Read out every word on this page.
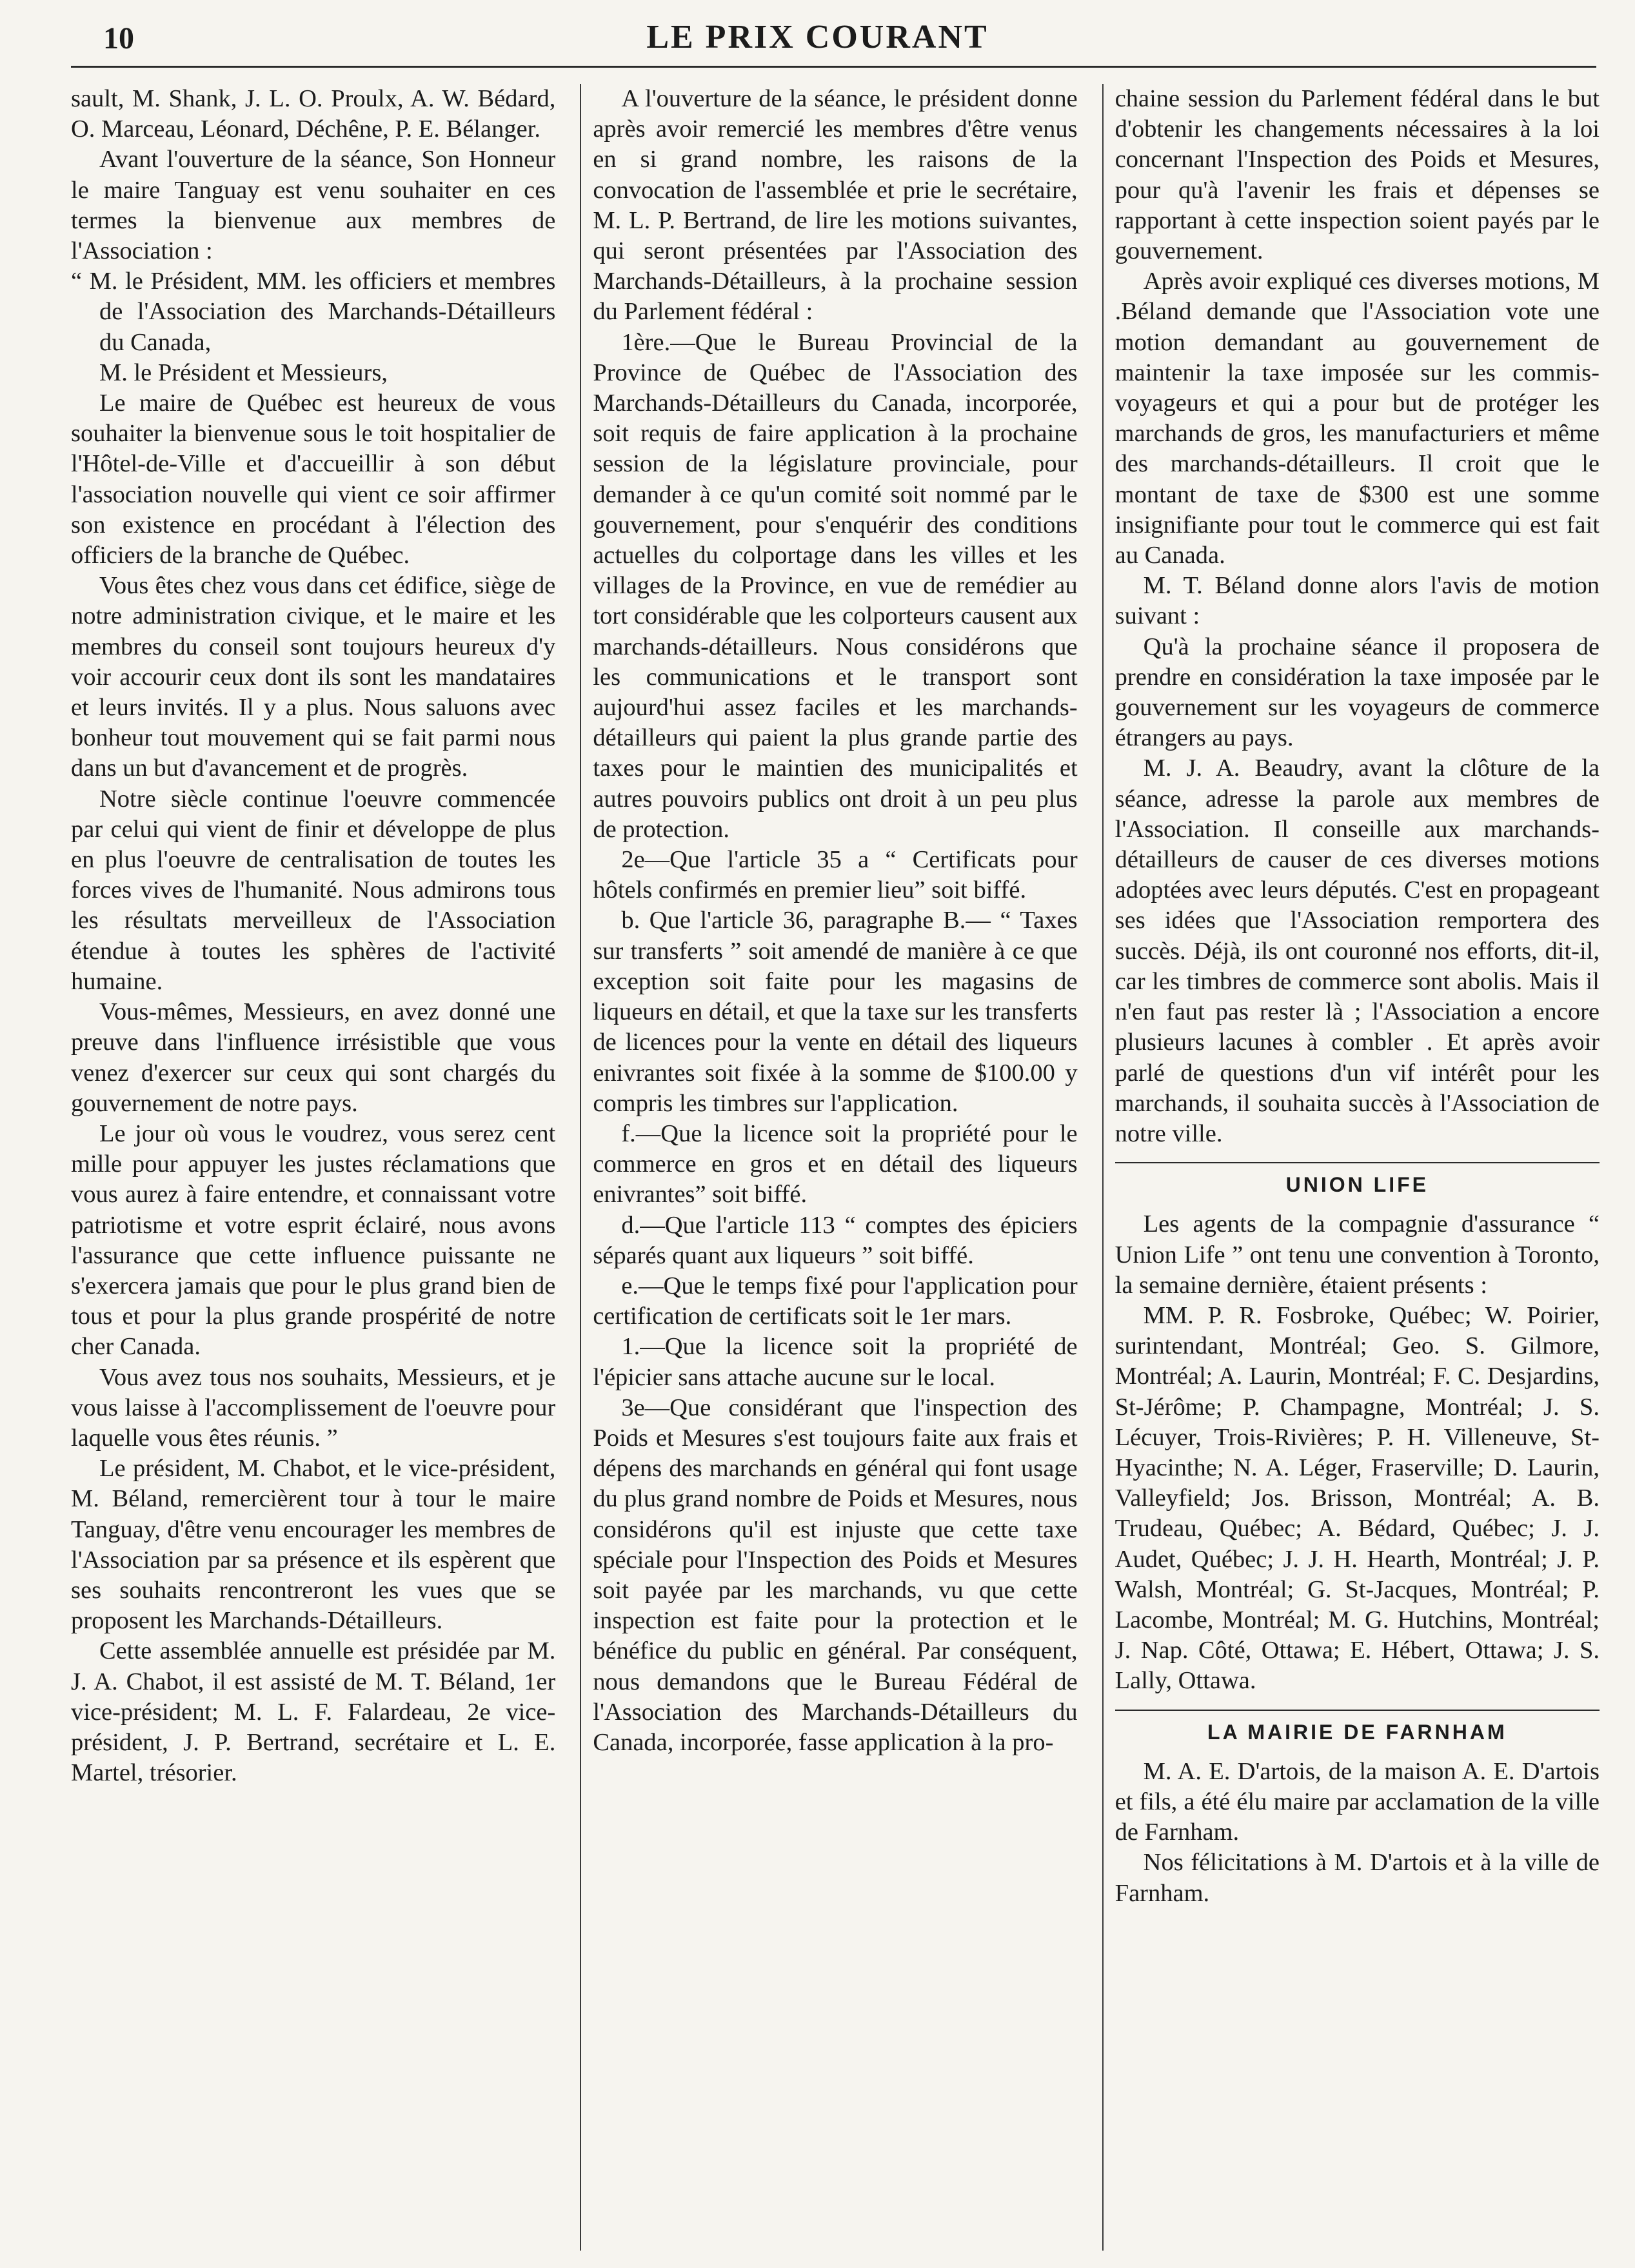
10	LE PRIX COURANT

sault, M. Shank, J. L. O. Proulx, A. W. Bédard, O. Marceau, Léonard, Déchêne, P. E. Bélanger.

Avant l'ouverture de la séance, Son Honneur le maire Tanguay est venu souhaiter en ces termes la bienvenue aux membres de l'Association :

“ M. le Président, MM. les officiers et membres de l'Association des Marchands-Détailleurs du Canada,

M. le Président et Messieurs,

Le maire de Québec est heureux de vous souhaiter la bienvenue sous le toit hospitalier de l'Hôtel-de-Ville et d'accueillir à son début l'association nouvelle qui vient ce soir affirmer son existence en procédant à l'élection des officiers de la branche de Québec.

Vous êtes chez vous dans cet édifice, siège de notre administration civique, et le maire et les membres du conseil sont toujours heureux d'y voir accourir ceux dont ils sont les mandataires et leurs invités. Il y a plus. Nous saluons avec bonheur tout mouvement qui se fait parmi nous dans un but d'avancement et de progrès.

Notre siècle continue l'oeuvre commencée par celui qui vient de finir et développe de plus en plus l'oeuvre de centralisation de toutes les forces vives de l'humanité. Nous admirons tous les résultats merveilleux de l'Association étendue à toutes les sphères de l'activité humaine.

Vous-mêmes, Messieurs, en avez donné une preuve dans l'influence irrésistible que vous venez d'exercer sur ceux qui sont chargés du gouvernement de notre pays.

Le jour où vous le voudrez, vous serez cent mille pour appuyer les justes réclamations que vous aurez à faire entendre, et connaissant votre patriotisme et votre esprit éclairé, nous avons l'assurance que cette influence puissante ne s'exercera jamais que pour le plus grand bien de tous et pour la plus grande prospérité de notre cher Canada.

Vous avez tous nos souhaits, Messieurs, et je vous laisse à l'accomplissement de l'oeuvre pour laquelle vous êtes réunis. ”

Le président, M. Chabot, et le vice-président, M. Béland, remercièrent tour à tour le maire Tanguay, d'être venu encourager les membres de l'Association par sa présence et ils espèrent que ses souhaits rencontreront les vues que se proposent les Marchands-Détailleurs.

Cette assemblée annuelle est présidée par M. J. A. Chabot, il est assisté de M. T. Béland, 1er vice-président; M. L. F. Falardeau, 2e vice-président, J. P. Bertrand, secrétaire et L. E. Martel, trésorier.

A l'ouverture de la séance, le président donne après avoir remercié les membres d'être venus en si grand nombre, les raisons de la convocation de l'assemblée et prie le secrétaire, M. L. P. Bertrand, de lire les motions suivantes, qui seront présentées par l'Association des Marchands-Détailleurs, à la prochaine session du Parlement fédéral :

1ère.—Que le Bureau Provincial de la Province de Québec de l'Association des Marchands-Détailleurs du Canada, incorporée, soit requis de faire application à la prochaine session de la législature provinciale, pour demander à ce qu'un comité soit nommé par le gouvernement, pour s'enquérir des conditions actuelles du colportage dans les villes et les villages de la Province, en vue de remédier au tort considérable que les colporteurs causent aux marchands-détailleurs. Nous considérons que les communications et le transport sont aujourd'hui assez faciles et les marchands-détailleurs qui paient la plus grande partie des taxes pour le maintien des municipalités et autres pouvoirs publics ont droit à un peu plus de protection.

2e—Que l'article 35 a “ Certificats pour hôtels confirmés en premier lieu” soit biffé.

b. Que l'article 36, paragraphe B.— “ Taxes sur transferts ” soit amendé de manière à ce que exception soit faite pour les magasins de liqueurs en détail, et que la taxe sur les transferts de licences pour la vente en détail des liqueurs enivrantes soit fixée à la somme de $100.00 y compris les timbres sur l'application.

f.—Que la licence soit la propriété pour le commerce en gros et en détail des liqueurs enivrantes” soit biffé.

d.—Que l'article 113 “ comptes des épiciers séparés quant aux liqueurs ” soit biffé.

e.—Que le temps fixé pour l'application pour certification de certificats soit le 1er mars.

1.—Que la licence soit la propriété de l'épicier sans attache aucune sur le local.

3e—Que considérant que l'inspection des Poids et Mesures s'est toujours faite aux frais et dépens des marchands en général qui font usage du plus grand nombre de Poids et Mesures, nous considérons qu'il est injuste que cette taxe spéciale pour l'Inspection des Poids et Mesures soit payée par les marchands, vu que cette inspection est faite pour la protection et le bénéfice du public en général. Par conséquent, nous demandons que le Bureau Fédéral de l'Association des Marchands-Détailleurs du Canada, incorporée, fasse application à la pro-

chaine session du Parlement fédéral dans le but d'obtenir les changements nécessaires à la loi concernant l'Inspection des Poids et Mesures, pour qu'à l'avenir les frais et dépenses se rapportant à cette inspection soient payés par le gouvernement.

Après avoir expliqué ces diverses motions, M .Béland demande que l'Association vote une motion demandant au gouvernement de maintenir la taxe imposée sur les commis-voyageurs et qui a pour but de protéger les marchands de gros, les manufacturiers et même des marchands-détailleurs. Il croit que le montant de taxe de $300 est une somme insignifiante pour tout le commerce qui est fait au Canada.

M. T. Béland donne alors l'avis de motion suivant :

Qu'à la prochaine séance il proposera de prendre en considération la taxe imposée par le gouvernement sur les voyageurs de commerce étrangers au pays.

M. J. A. Beaudry, avant la clôture de la séance, adresse la parole aux membres de l'Association. Il conseille aux marchands-détailleurs de causer de ces diverses motions adoptées avec leurs députés. C'est en propageant ses idées que l'Association remportera des succès. Déjà, ils ont couronné nos efforts, dit-il, car les timbres de commerce sont abolis. Mais il n'en faut pas rester là ; l'Association a encore plusieurs lacunes à combler . Et après avoir parlé de questions d'un vif intérêt pour les marchands, il souhaita succès à l'Association de notre ville.

UNION LIFE

Les agents de la compagnie d'assurance “ Union Life ” ont tenu une convention à Toronto, la semaine dernière, étaient présents :

MM. P. R. Fosbroke, Québec; W. Poirier, surintendant, Montréal; Geo. S. Gilmore, Montréal; A. Laurin, Montréal; F. C. Desjardins, St-Jérôme; P. Champagne, Montréal; J. S. Lécuyer, Trois-Rivières; P. H. Villeneuve, St-Hyacinthe; N. A. Léger, Fraserville; D. Laurin, Valleyfield; Jos. Brisson, Montréal; A. B. Trudeau, Québec; A. Bédard, Québec; J. J. Audet, Québec; J. J. H. Hearth, Montréal; J. P. Walsh, Montréal; G. St-Jacques, Montréal; P. Lacombe, Montréal; M. G. Hutchins, Montréal; J. Nap. Côté, Ottawa; E. Hébert, Ottawa; J. S. Lally, Ottawa.

LA MAIRIE DE FARNHAM

M. A. E. D'artois, de la maison A. E. D'artois et fils, a été élu maire par acclamation de la ville de Farnham.

Nos félicitations à M. D'artois et à la ville de Farnham.
